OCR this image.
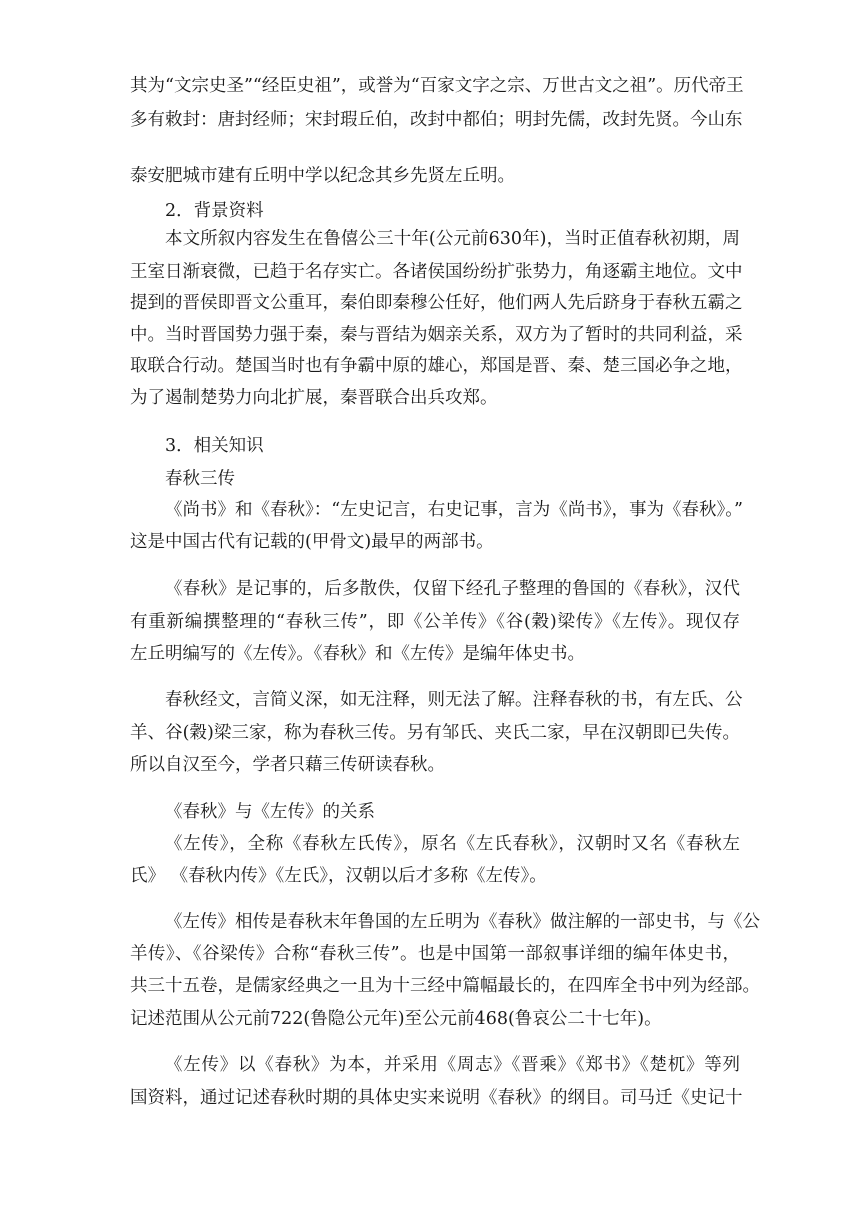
其为“文宗史圣”“经臣史祖”，或誉为“百家文字之宗、万世古文之祖”。历代帝王
多有敕封：唐封经师；宋封瑕丘伯，改封中都伯；明封先儒，改封先贤。今山东
泰安肥城市建有丘明中学以纪念其乡先贤左丘明。
2．背景资料
本文所叙内容发生在鲁僖公三十年(公元前630年)，当时正值春秋初期，周
王室日渐衰微，已趋于名存实亡。各诸侯国纷纷扩张势力，角逐霸主地位。文中
提到的晋侯即晋文公重耳，秦伯即秦穆公任好，他们两人先后跻身于春秋五霸之
中。当时晋国势力强于秦，秦与晋结为姻亲关系，双方为了暂时的共同利益，采
取联合行动。楚国当时也有争霸中原的雄心，郑国是晋、秦、楚三国必争之地，
为了遏制楚势力向北扩展，秦晋联合出兵攻郑。
3．相关知识
春秋三传
《尚书》和《春秋》：“左史记言，右史记事，言为《尚书》，事为《春秋》。”
这是中国古代有记载的(甲骨文)最早的两部书。
《春秋》是记事的，后多散佚，仅留下经孔子整理的鲁国的《春秋》，汉代
有重新编撰整理的“春秋三传”，即《公羊传》《谷(穀)梁传》《左传》。现仅存
左丘明编写的《左传》。《春秋》和《左传》是编年体史书。
春秋经文，言简义深，如无注释，则无法了解。注释春秋的书，有左氏、公
羊、谷(穀)梁三家，称为春秋三传。另有邹氏、夹氏二家，早在汉朝即已失传。
所以自汉至今，学者只藉三传研读春秋。
《春秋》与《左传》的关系
《左传》，全称《春秋左氏传》，原名《左氏春秋》，汉朝时又名《春秋左
氏》 《春秋内传》《左氏》，汉朝以后才多称《左传》。
《左传》相传是春秋末年鲁国的左丘明为《春秋》做注解的一部史书，与《公
羊传》、《谷梁传》合称“春秋三传”。也是中国第一部叙事详细的编年体史书，
共三十五卷，是儒家经典之一且为十三经中篇幅最长的，在四库全书中列为经部。
记述范围从公元前722(鲁隐公元年)至公元前468(鲁哀公二十七年)。
《左传》以《春秋》为本，并采用《周志》《晋乘》《郑书》《楚杌》等列
国资料，通过记述春秋时期的具体史实来说明《春秋》的纲目。司马迁《史记十
